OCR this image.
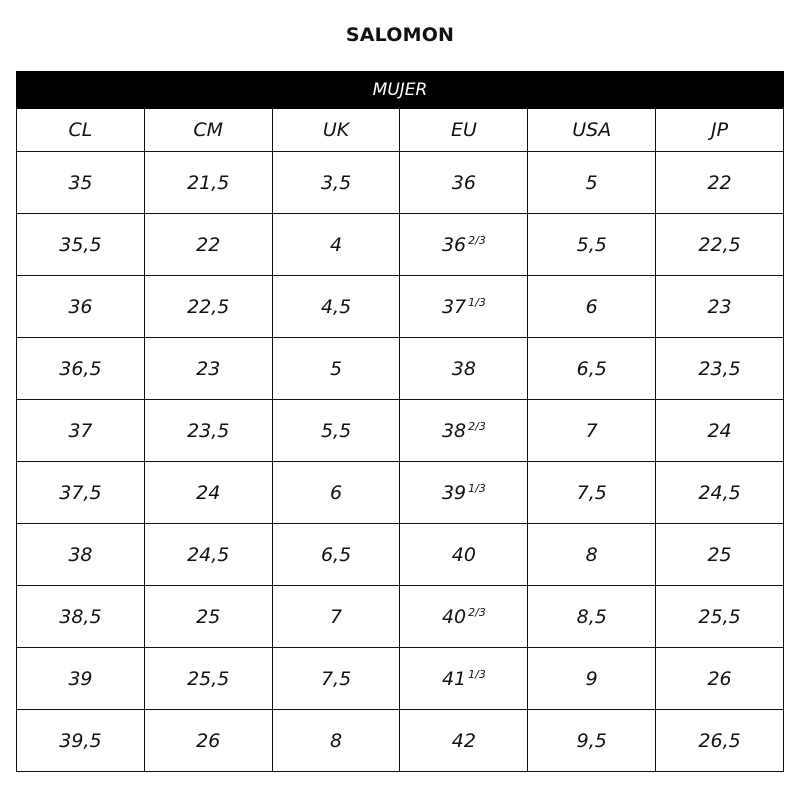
SALOMON
MUJER					
CL	CM	UK	EU	USA	JP
35	21,5	3,5	36	5	22
35,5	22	4	36 $^{2/3}$	5,5	22,5
36	22,5	4,5	37 $^{1/3}$	6	23
36,5	23	5	38	6,5	23,5
37	23,5	5,5	38 $^{2/3}$	7	24
37,5	24	6	39 $^{1/3}$	7,5	24,5
38	24,5	6,5	40	8	25
38,5	25	7	40 $^{2/3}$	8,5	25,5
39	25,5	7,5	41 $^{1/3}$	9	26
39,5	26	8	42	9,5	26,5
